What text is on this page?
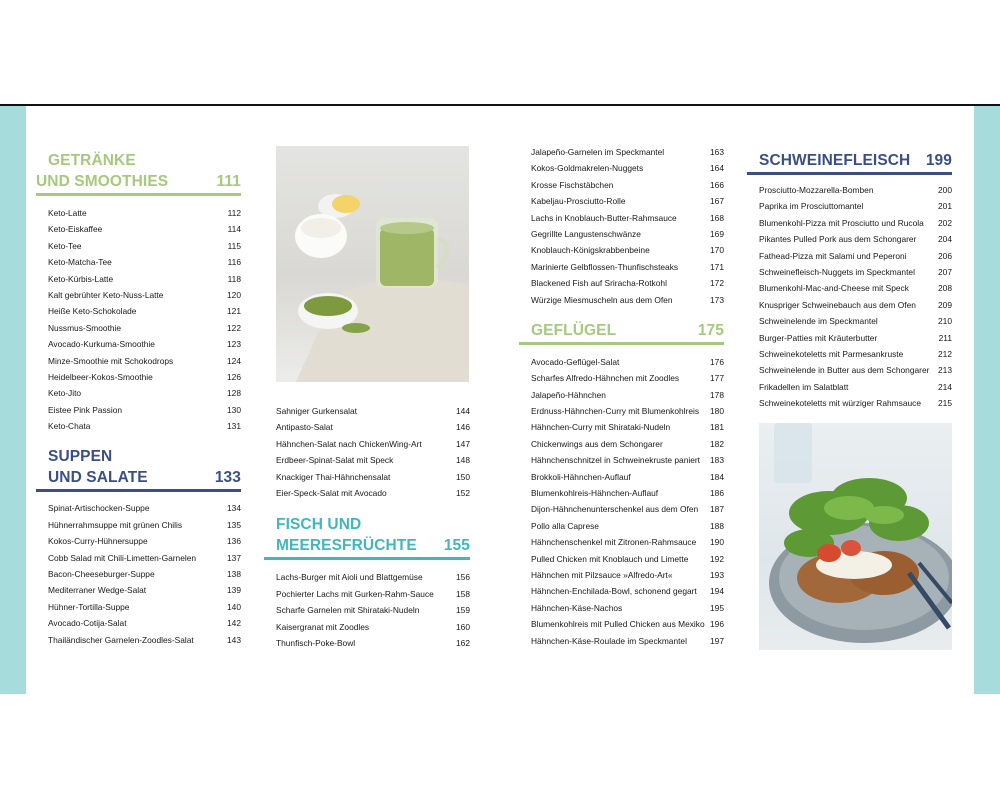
GETRÄNKE
UND SMOOTHIES	111
Keto-Latte	112
Keto-Eiskaffee	114
Keto-Tee	115
Keto-Matcha-Tee	116
Keto-Kürbis-Latte	118
Kalt gebrühter Keto-Nuss-Latte	120
Heiße Keto-Schokolade	121
Nussmus-Smoothie	122
Avocado-Kurkuma-Smoothie	123
Minze-Smoothie mit Schokodrops	124
Heidelbeer-Kokos-Smoothie	126
Keto-Jito	128
Eistee Pink Passion	130
Keto-Chata	131
SUPPEN
UND SALATE	133
Spinat-Artischocken-Suppe	134
Hühnerrahmsuppe mit grünen Chilis	135
Kokos-Curry-Hühnersuppe	136
Cobb Salad mit Chili-Limetten-Garnelen	137
Bacon-Cheeseburger-Suppe	138
Mediterraner Wedge-Salat	139
Hühner-Tortilla-Suppe	140
Avocado-Cotija-Salat	142
Thailändischer Garnelen-Zoodles-Salat	143
Sahniger Gurkensalat	144
Antipasto-Salat	146
Hähnchen-Salat nach ChickenWing-Art	147
Erdbeer-Spinat-Salat mit Speck	148
Knackiger Thai-Hähnchensalat	150
Eier-Speck-Salat mit Avocado	152
FISCH UND
MEERESFRÜCHTE 155
Lachs-Burger mit Aioli und Blattgemüse	156
Pochierter Lachs mit Gurken-Rahm-Sauce	158
Scharfe Garnelen mit Shirataki-Nudeln	159
Kaisergranat mit Zoodles	160
Thunfisch-Poke-Bowl	162
Jalapeño-Garnelen im Speckmantel	163
Kokos-Goldmakrelen-Nuggets	164
Krosse Fischstäbchen	166
Kabeljau-Prosciutto-Rolle	167
Lachs in Knoblauch-Butter-Rahmsauce	168
Gegrillte Langustenschwänze	169
Knoblauch-Königskrabbenbeine	170
Marinierte Gelbflossen-Thunfischsteaks	171
Blackened Fish auf Sriracha-Rotkohl	172
Würzige Miesmuscheln aus dem Ofen	173
GEFLÜGEL	175
Avocado-Geflügel-Salat	176
Scharfes Alfredo-Hähnchen mit Zoodles	177
Jalapeño-Hähnchen	178
Erdnuss-Hähnchen-Curry mit Blumenkohlreis 180
Hähnchen-Curry mit Shirataki-Nudeln	181
Chickenwings aus dem Schongarer	182
Hähnchenschnitzel in Schweinekruste paniert 183
Brokkoli-Hähnchen-Auflauf	184
Blumenkohlreis-Hähnchen-Auflauf	186
Dijon-Hähnchenunterschenkel aus dem Ofen 187
Pollo alla Caprese	188
Hähnchenschenkel mit Zitronen-Rahmsauce 190
Pulled Chicken mit Knoblauch und Limette	192
Hähnchen mit Pilzsauce »Alfredo-Art«	193
Hähnchen-Enchilada-Bowl, schonend gegart 194
Hähnchen-Käse-Nachos	195
Blumenkohlreis mit Pulled Chicken aus Mexiko 196
Hähnchen-Käse-Roulade im Speckmantel	197
SCHWEINEFLEISCH 199
Prosciutto-Mozzarella-Bomben	200
Paprika im Prosciuttomantel	201
Blumenkohl-Pizza mit Prosciutto und Rucola 202
Pikantes Pulled Pork aus dem Schongarer	204
Fathead-Pizza mit Salami und Peperoni	206
Schweinefleisch-Nuggets im Speckmantel	207
Blumenkohl-Mac-and-Cheese mit Speck	208
Knuspriger Schweinebauch aus dem Ofen	209
Schweinelende im Speckmantel	210
Burger-Patties mit Kräuterbutter	211
Schweinekoteletts mit Parmesankruste	212
Schweinelende in Butter aus dem Schongarer 213
Frikadellen im Salatblatt	214
Schweinekoteletts mit würziger Rahmsauce 215
